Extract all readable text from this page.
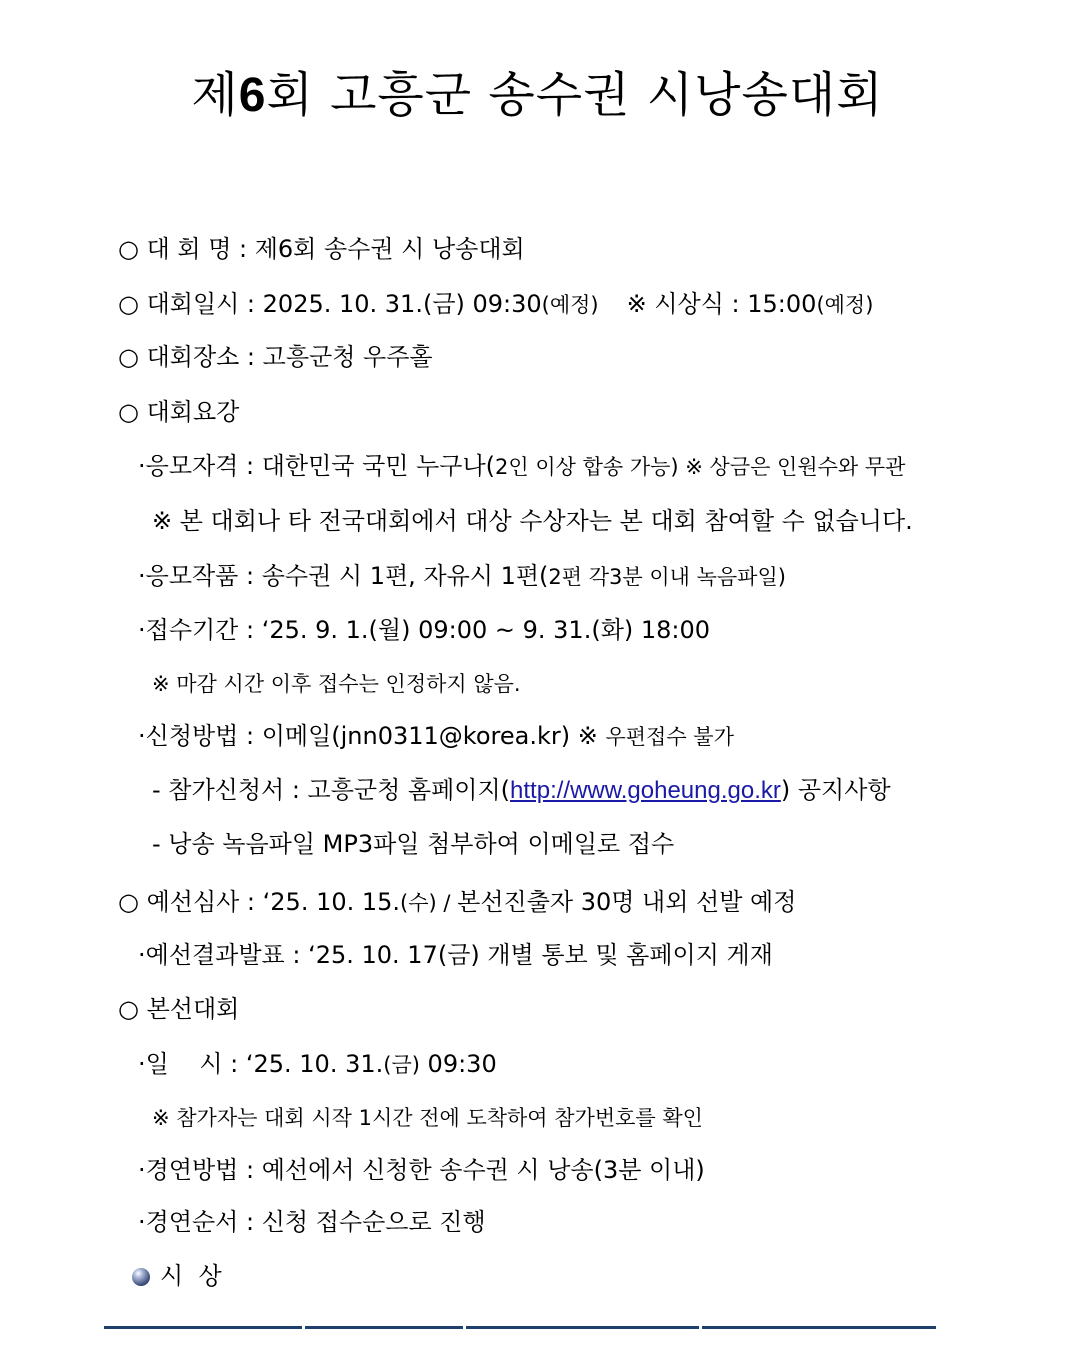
제6회 고흥군 송수권 시낭송대회
○ 대 회 명 : 제6회 송수권 시 낭송대회
○ 대회일시 : 2025. 10. 31.(금) 09:30(예정) ※ 시상식 : 15:00(예정)
○ 대회장소 : 고흥군청 우주홀
○ 대회요강
·응모자격 : 대한민국 국민 누구나(2인 이상 합송 가능) ※ 상금은 인원수와 무관
※ 본 대회나 타 전국대회에서 대상 수상자는 본 대회 참여할 수 없습니다.
·응모작품 : 송수권 시 1편, 자유시 1편(2편 각3분 이내 녹음파일)
·접수기간 : ‘25. 9. 1.(월) 09:00 ~ 9. 31.(화) 18:00
※ 마감 시간 이후 접수는 인정하지 않음.
·신청방법 : 이메일(jnn0311@korea.kr) ※ 우편접수 불가
- 참가신청서 : 고흥군청 홈페이지(http://www.goheung.go.kr) 공지사항
- 낭송 녹음파일 MP3파일 첨부하여 이메일로 접수
○ 예선심사 : ‘25. 10. 15.(수) / 본선진출자 30명 내외 선발 예정
·예선결과발표 : ‘25. 10. 17(금) 개별 통보 및 홈페이지 게재
○ 본선대회
·일    시 : ‘25. 10. 31.(금) 09:30
※ 참가자는 대회 시작 1시간 전에 도착하여 참가번호를 확인
·경연방법 : 예선에서 신청한 송수권 시 낭송(3분 이내)
·경연순서 : 신청 접수순으로 진행
시  상
